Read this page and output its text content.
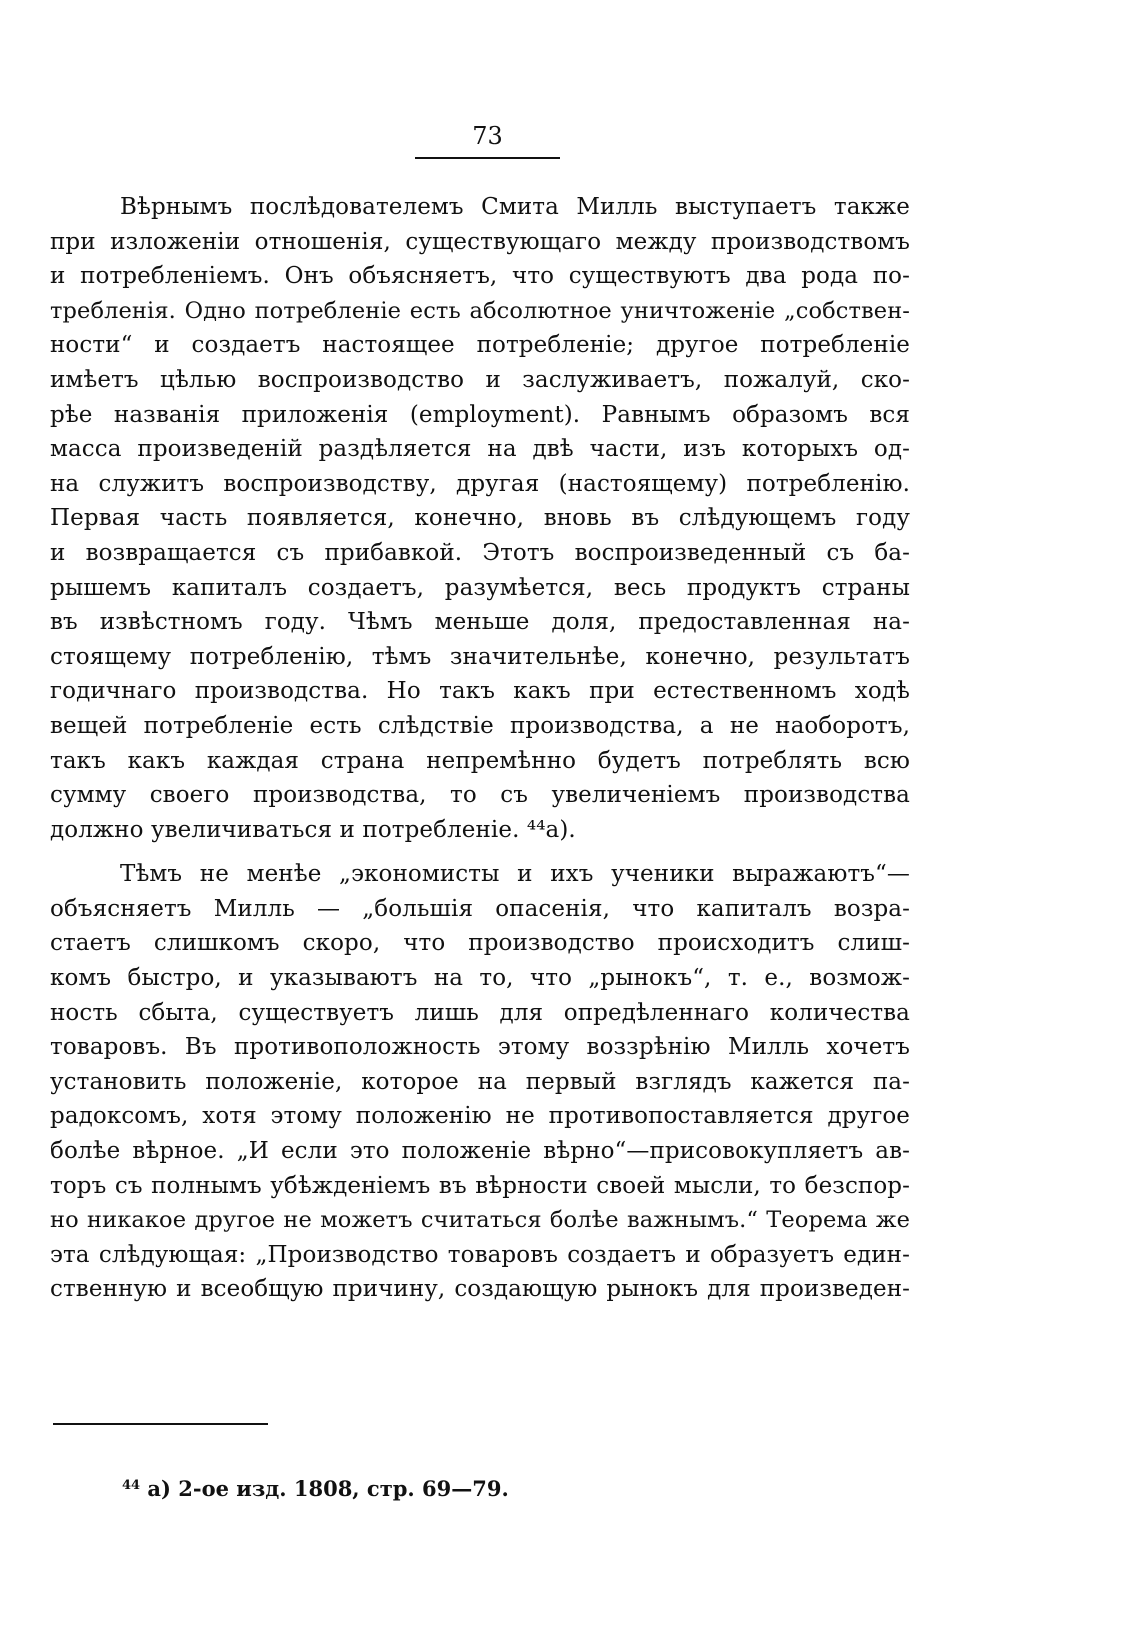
73
Вѣрнымъ послѣдователемъ Смита Милль выступаетъ также
при изложеніи отношенія, существующаго между производствомъ
и потребленіемъ. Онъ объясняетъ, что существуютъ два рода по-
требленія. Одно потребленіе есть абсолютное уничтоженіе „собствен-
ности“ и создаетъ настоящее потребленіе; другое потребленіе
имѣетъ цѣлью воспроизводство и заслуживаетъ, пожалуй, ско-
рѣе названія приложенія (employment). Равнымъ образомъ вся
масса произведеній раздѣляется на двѣ части, изъ которыхъ од-
на служитъ воспроизводству, другая (настоящему) потребленію.
Первая часть появляется, конечно, вновь въ слѣдующемъ году
и возвращается съ прибавкой. Этотъ воспроизведенный съ ба-
рышемъ капиталъ создаетъ, разумѣется, весь продуктъ страны
въ извѣстномъ году. Чѣмъ меньше доля, предоставленная на-
стоящему потребленію, тѣмъ значительнѣе, конечно, результатъ
годичнаго производства. Но такъ какъ при естественномъ ходѣ
вещей потребленіе есть слѣдствіе производства, а не наоборотъ,
такъ какъ каждая страна непремѣнно будетъ потреблять всю
сумму своего производства, то съ увеличеніемъ производства
должно увеличиваться и потребленіе. ⁴⁴а).
Тѣмъ не менѣе „экономисты и ихъ ученики выражаютъ“—
объясняетъ Милль — „большія опасенія, что капиталъ возра-
стаетъ слишкомъ скоро, что производство происходитъ слиш-
комъ быстро, и указываютъ на то, что „рынокъ“, т. е., возмож-
ность сбыта, существуетъ лишь для опредѣленнаго количества
товаровъ. Въ противоположность этому воззрѣнію Милль хочетъ
установить положеніе, которое на первый взглядъ кажется па-
радоксомъ, хотя этому положенію не противопоставляется другое
болѣе вѣрное. „И если это положеніе вѣрно“—присовокупляетъ ав-
торъ съ полнымъ убѣжденіемъ въ вѣрности своей мысли, то безспор-
но никакое другое не можетъ считаться болѣе важнымъ.“ Теорема же
эта слѣдующая: „Производство товаровъ создаетъ и образуетъ един-
ственную и всеобщую причину, создающую рынокъ для произведен-
$^{44}$ а) 2-ое изд. 1808, стр. 69—79.
